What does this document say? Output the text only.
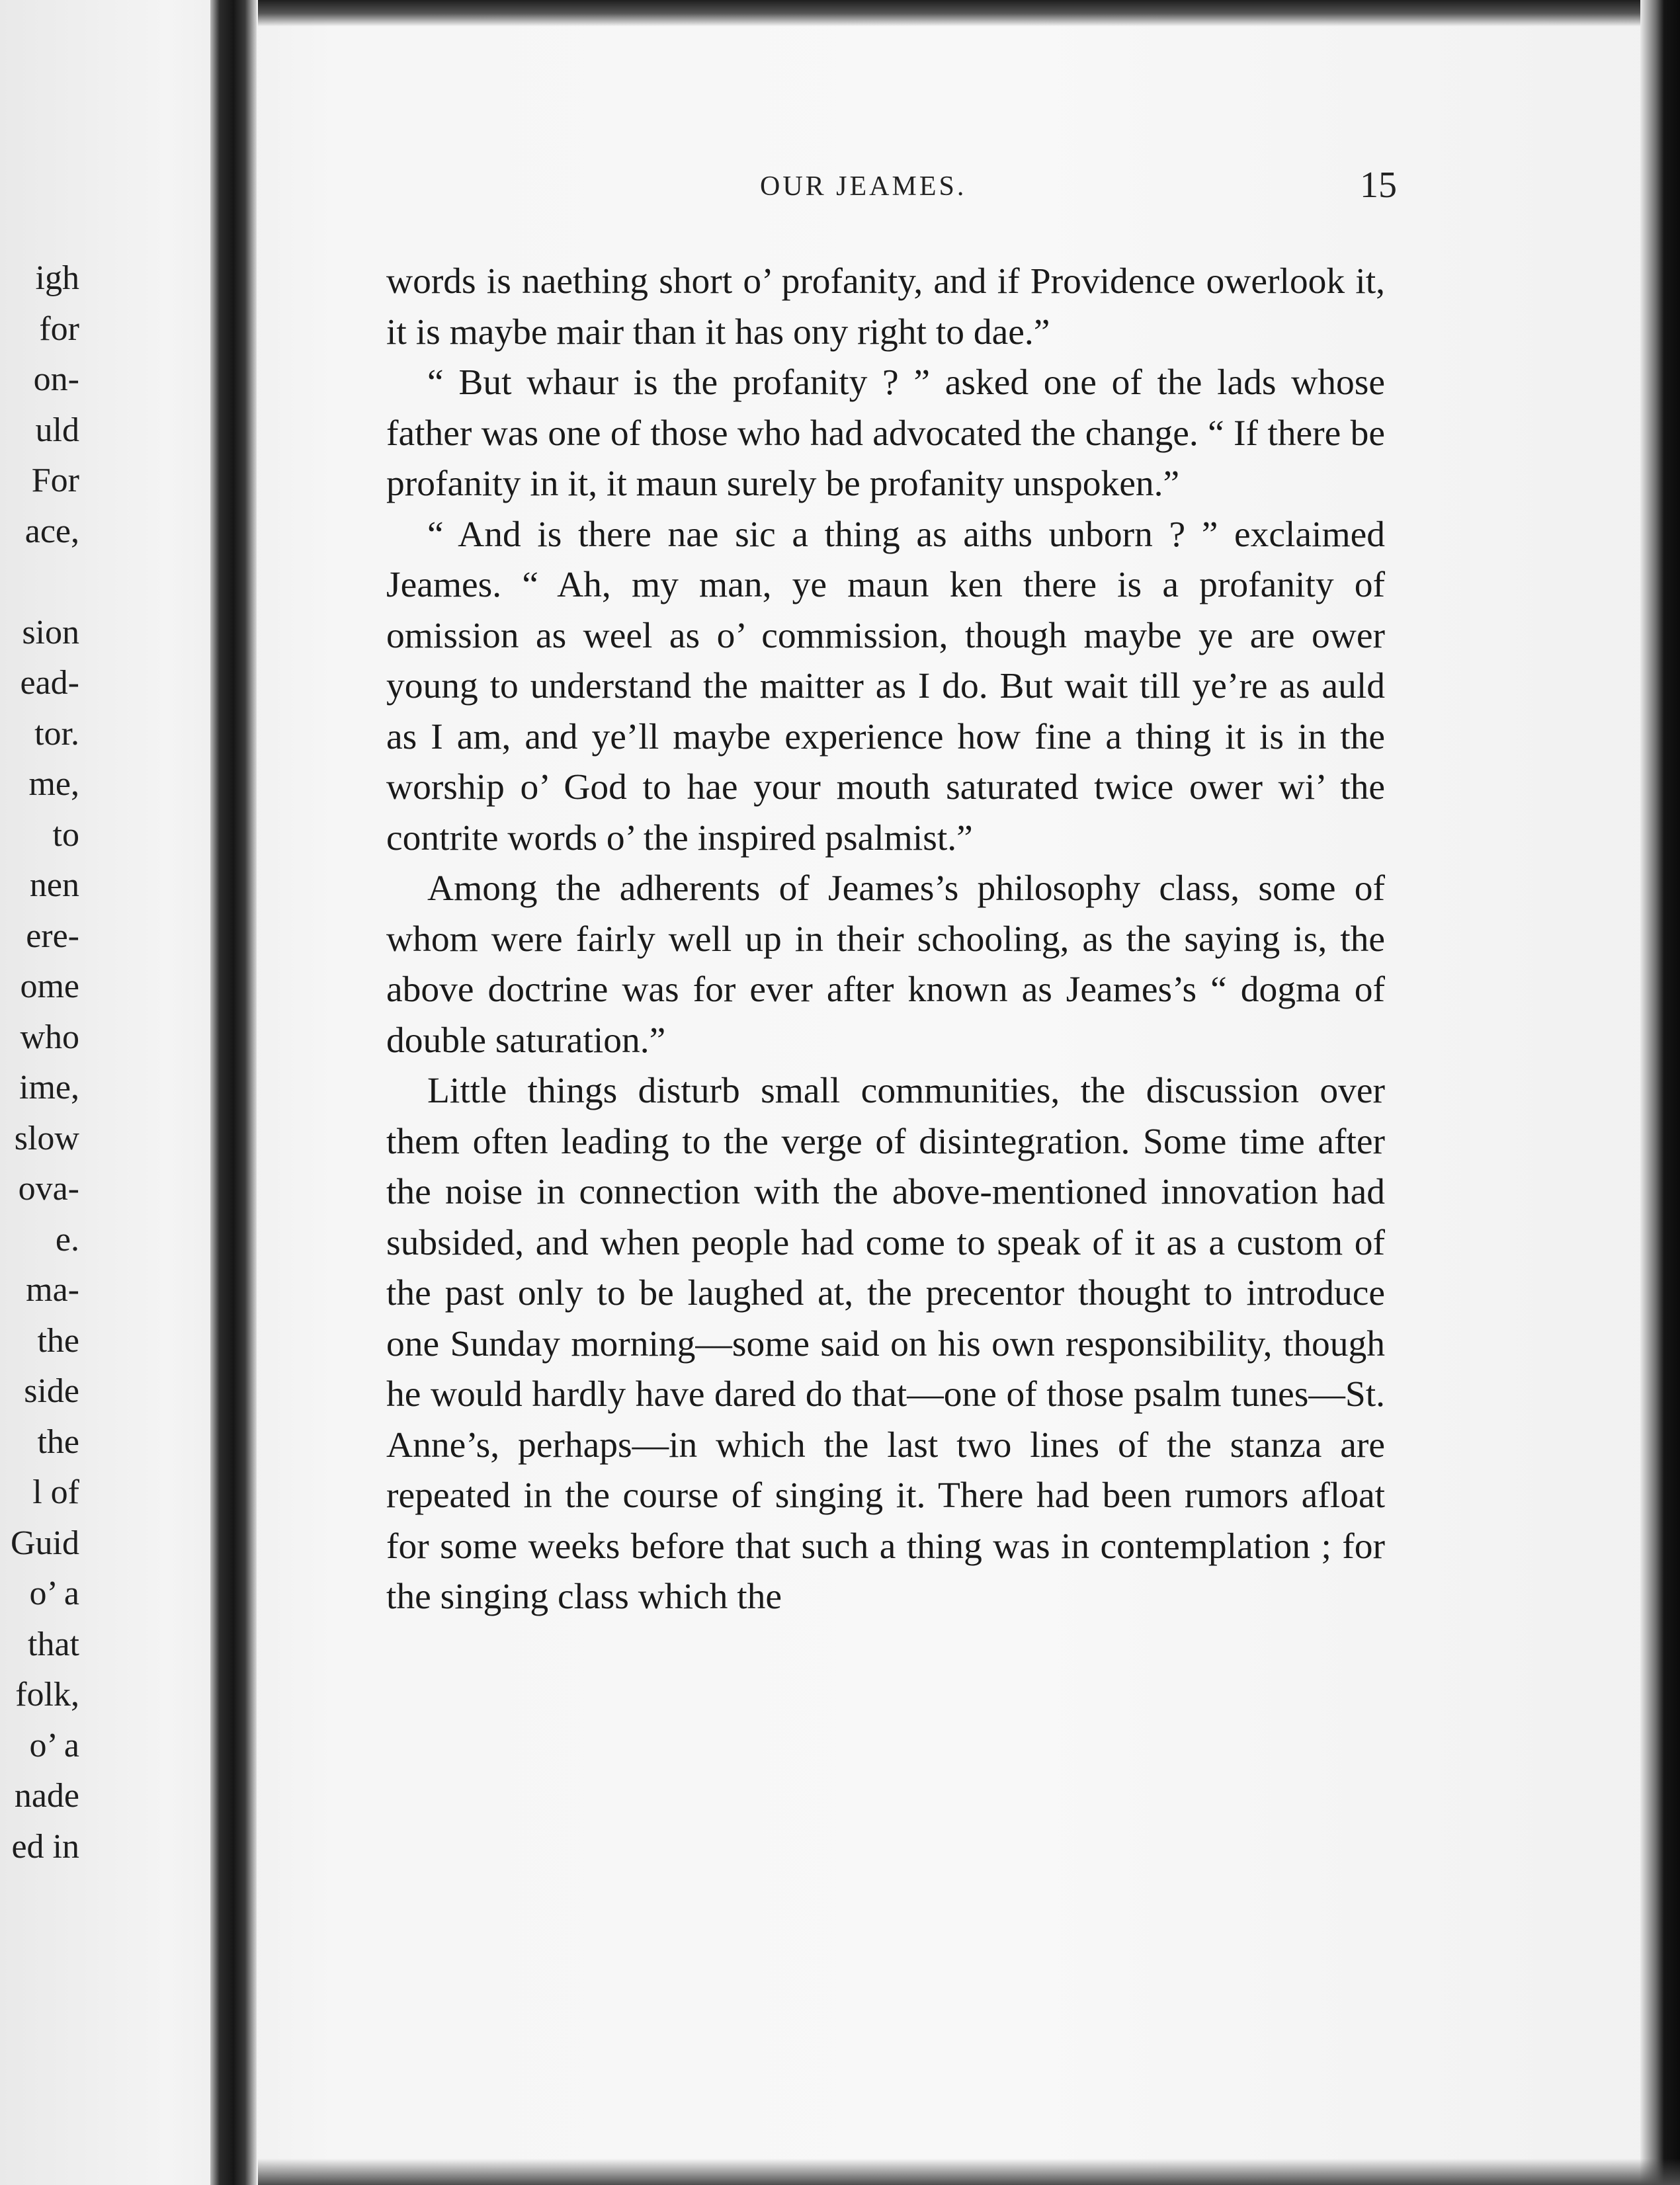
igh
for
on-
uld
For
ace,
sion
ead-
tor.
me,
to
nen
ere-
ome
who
ime,
slow
ova-
e.
ma-
the
side
the
l of
Guid
o’ a
that
folk,
o’ a
nade
ed in
OUR JEAMES.	15

words is naething short o’ profanity, and if Providence owerlook it, it is maybe mair than it has ony right to dae.”

“ But whaur is the profanity ? ” asked one of the lads whose father was one of those who had advocated the change. “ If there be profanity in it, it maun surely be profanity unspoken.”

“ And is there nae sic a thing as aiths unborn ? ” exclaimed Jeames. “ Ah, my man, ye maun ken there is a profanity of omission as weel as o’ commission, though maybe ye are ower young to understand the maitter as I do. But wait till ye’re as auld as I am, and ye’ll maybe experience how fine a thing it is in the worship o’ God to hae your mouth saturated twice ower wi’ the contrite words o’ the inspired psalmist.”

Among the adherents of Jeames’s philosophy class, some of whom were fairly well up in their schooling, as the saying is, the above doctrine was for ever after known as Jeames’s “ dogma of double saturation.”

Little things disturb small communities, the discussion over them often leading to the verge of disintegration. Some time after the noise in connection with the above-mentioned innovation had subsided, and when people had come to speak of it as a custom of the past only to be laughed at, the precentor thought to introduce one Sunday morning—some said on his own responsibility, though he would hardly have dared do that—one of those psalm tunes—St. Anne’s, perhaps—in which the last two lines of the stanza are repeated in the course of singing it. There had been rumors afloat for some weeks before that such a thing was in contemplation ; for the singing class which the
